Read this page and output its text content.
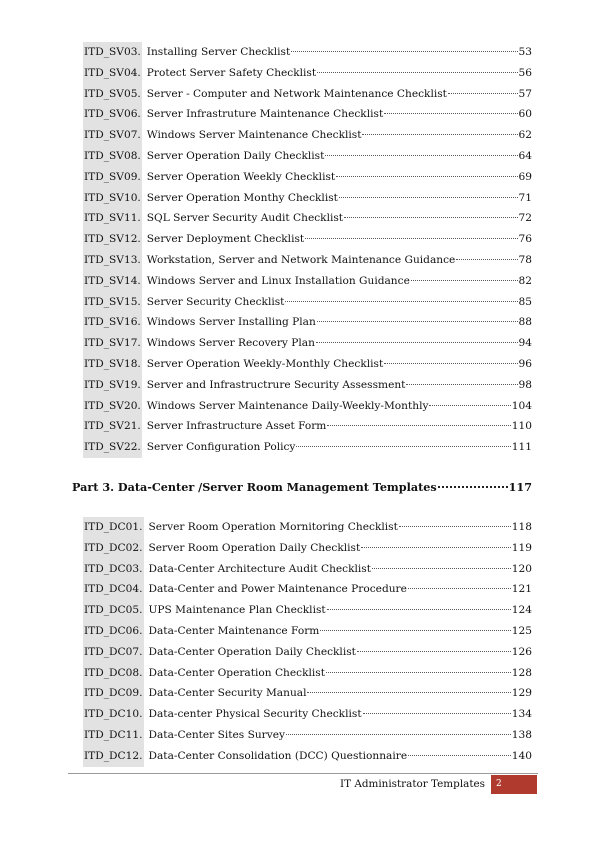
ITD_SV03. Installing Server Checklist	53
ITD_SV04. Protect Server Safety Checklist	56
ITD_SV05. Server - Computer and Network Maintenance Checklist	57
ITD_SV06. Server Infrastruture Maintenance Checklist	60
ITD_SV07. Windows Server Maintenance Checklist	62
ITD_SV08. Server Operation Daily Checklist	64
ITD_SV09. Server Operation Weekly Checklist	69
ITD_SV10. Server Operation Monthy Checklist	71
ITD_SV11. SQL Server Security Audit Checklist	72
ITD_SV12. Server Deployment Checklist	76
ITD_SV13. Workstation, Server and Network Maintenance Guidance	78
ITD_SV14. Windows Server and Linux Installation Guidance	82
ITD_SV15. Server Security Checklist	85
ITD_SV16. Windows Server Installing Plan	88
ITD_SV17. Windows Server Recovery Plan	94
ITD_SV18. Server Operation Weekly-Monthly Checklist	96
ITD_SV19. Server and Infrastructrure Security Assessment	98
ITD_SV20. Windows Server Maintenance Daily-Weekly-Monthly	104
ITD_SV21. Server Infrastructure Asset Form	110
ITD_SV22. Server Configuration Policy	111
Part 3. Data-Center /Server Room Management Templates	117
ITD_DC01. Server Room Operation Mornitoring Checklist	118
ITD_DC02. Server Room Operation Daily Checklist	119
ITD_DC03. Data-Center Architecture Audit Checklist	120
ITD_DC04. Data-Center and Power Maintenance Procedure	121
ITD_DC05. UPS Maintenance Plan Checklist	124
ITD_DC06. Data-Center Maintenance Form	125
ITD_DC07. Data-Center Operation Daily Checklist	126
ITD_DC08. Data-Center Operation Checklist	128
ITD_DC09. Data-Center Security Manual	129
ITD_DC10. Data-center Physical Security Checklist	134
ITD_DC11. Data-Center Sites Survey	138
ITD_DC12. Data-Center Consolidation (DCC) Questionnaire	140
IT Administrator Templates	2
